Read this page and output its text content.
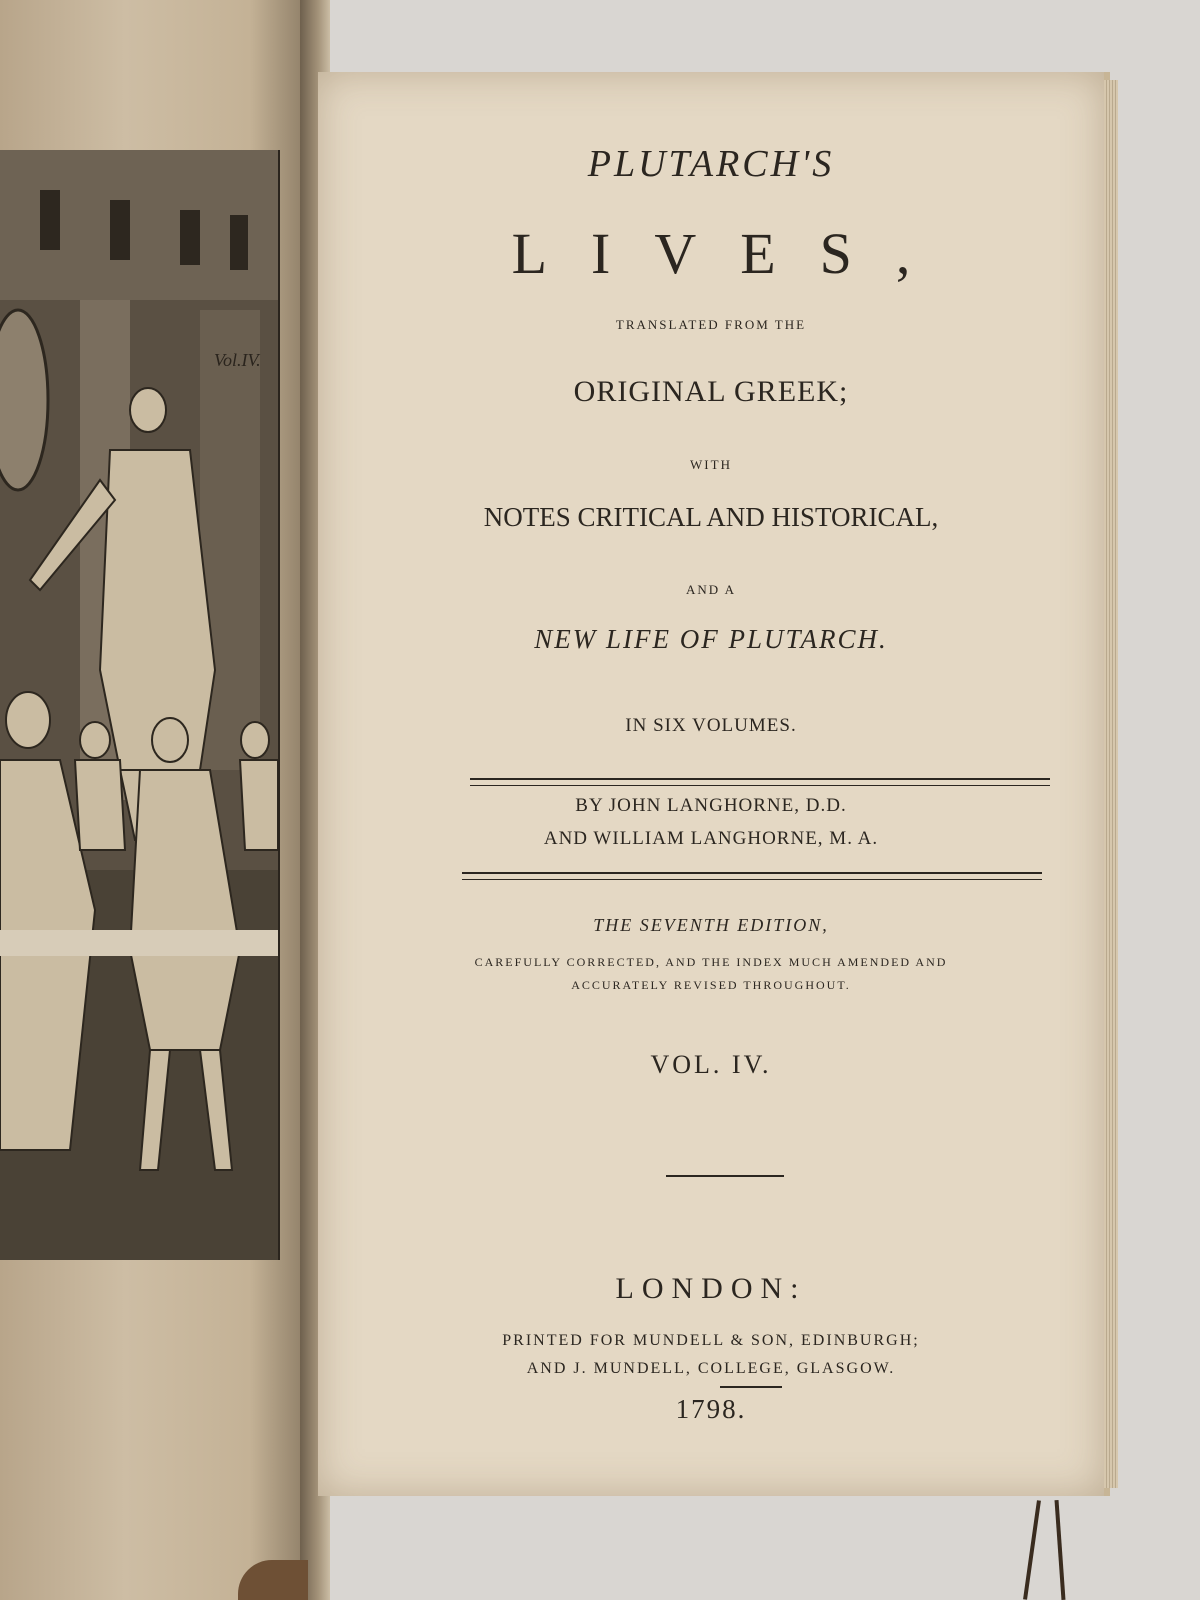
Vol.IV.
PLUTARCH'S
LIVES,
TRANSLATED FROM THE
ORIGINAL GREEK;
WITH
NOTES CRITICAL AND HISTORICAL,
AND A
NEW LIFE OF PLUTARCH.
IN SIX VOLUMES.
BY JOHN LANGHORNE, D.D.
AND WILLIAM LANGHORNE, M. A.
THE SEVENTH EDITION,
CAREFULLY CORRECTED, AND THE INDEX MUCH AMENDED AND
ACCURATELY REVISED THROUGHOUT.
VOL. IV.
LONDON:
PRINTED FOR MUNDELL & SON, EDINBURGH;
AND J. MUNDELL, COLLEGE, GLASGOW.
1798.
